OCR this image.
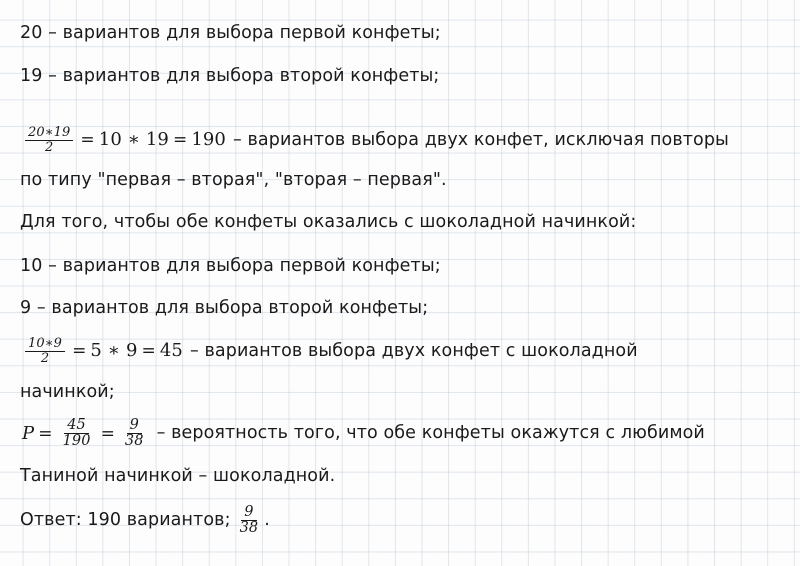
20 – вариантов для выбора первой конфеты;
19 – вариантов для выбора второй конфеты;
$\frac{20∗19}{2} = 10$ ∗ 19 = 190 – вариантов выбора двух конфет, исключая повторы
по типу "первая – вторая", "вторая – первая".
Для того, чтобы обе конфеты оказались с шоколадной начинкой:
10 – вариантов для выбора первой конфеты;
9 – вариантов для выбора второй конфеты;
$\frac{10∗9}{2} = 5$ ∗ 9 = 45 – вариантов выбора двух конфет с шоколадной
начинкой;
$P = \frac{45}{190} = \frac{9}{38}$ – вероятность того, что обе конфеты окажутся с любимой
Таниной начинкой – шоколадной.
Ответ: 190 вариантов; $\frac{9}{38}$ .
